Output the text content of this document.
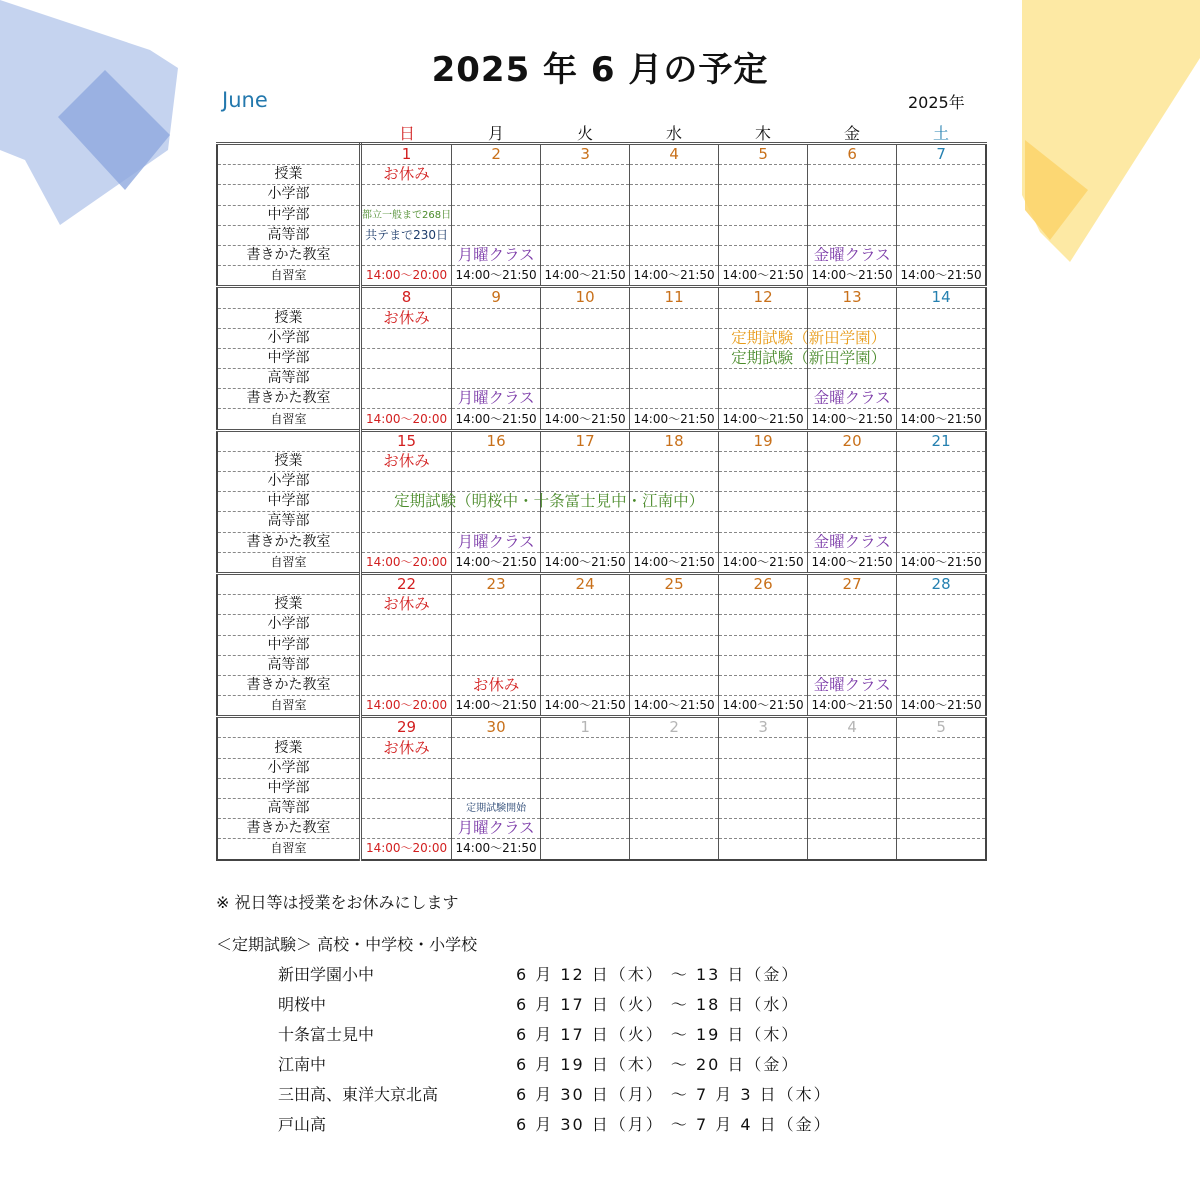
2025 年 6 月の予定
June	2025年
日	月	火	水	木	金	土
	1	2	3	4	5	6	7
授業	お休み						
小学部							
中学部	都立一般まで268日						
高等部	共テまで230日						
書きかた教室		月曜クラス				金曜クラス	
自習室	14:00～20:00	14:00～21:50	14:00～21:50	14:00～21:50	14:00～21:50	14:00～21:50	14:00～21:50
	8	9	10	11	12	13	14
授業	お休み						
小学部					定期試験（新田学園）		

中学部					定期試験（新田学園）		

高等部							
書きかた教室		月曜クラス				金曜クラス	
自習室	14:00～20:00	14:00～21:50	14:00～21:50	14:00～21:50	14:00～21:50	14:00～21:50	14:00～21:50
	15	16	17	18	19	20	21
授業	お休み						
小学部							
中学部		定期試験（明桜中・十条富士見中・江南中）					

高等部							
書きかた教室		月曜クラス				金曜クラス	
自習室	14:00～20:00	14:00～21:50	14:00～21:50	14:00～21:50	14:00～21:50	14:00～21:50	14:00～21:50
	22	23	24	25	26	27	28
授業	お休み						
小学部							
中学部							
高等部							
書きかた教室		お休み				金曜クラス	
自習室	14:00～20:00	14:00～21:50	14:00～21:50	14:00～21:50	14:00～21:50	14:00～21:50	14:00～21:50
	29	30	1	2	3	4	5
授業	お休み						
小学部							
中学部							
高等部		定期試験開始					
書きかた教室		月曜クラス					
自習室	14:00～20:00	14:00～21:50					
※ 祝日等は授業をお休みにします
＜定期試験＞ 高校・中学校・小学校
新田学園小中	6 月 12 日（木） ～ 13 日（金）
明桜中	6 月 17 日（火） ～ 18 日（水）
十条富士見中	6 月 17 日（火） ～ 19 日（木）
江南中	6 月 19 日（木） ～ 20 日（金）
三田高、東洋大京北高	6 月 30 日（月） ～ 7 月 3 日（木）
戸山高	6 月 30 日（月） ～ 7 月 4 日（金）
